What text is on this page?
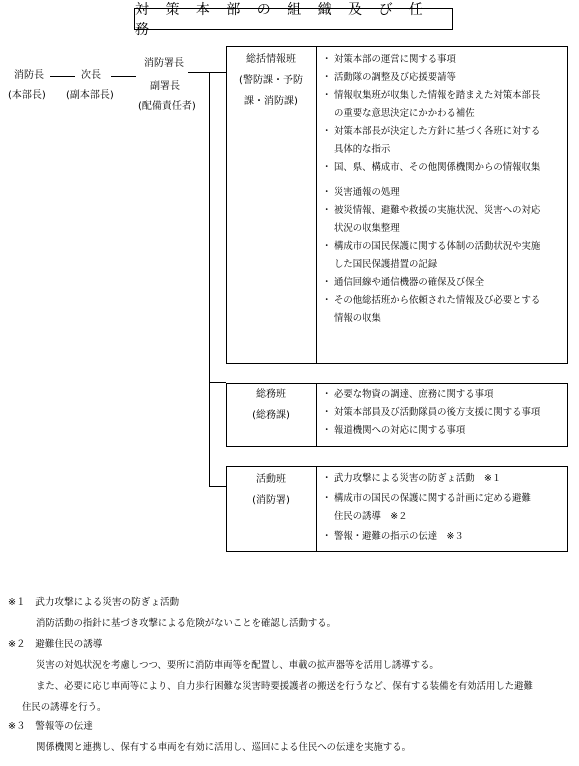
対 策 本 部 の 組 織 及 び 任 務
消防長
(本部長)
次長
(副本部長)
消防署長
副署長
(配備責任者)
総括情報班
(警防課・予防
課・消防課)
・ 対策本部の運営に関する事項
・ 活動隊の調整及び応援要請等
・ 情報収集班が収集した情報を踏まえた対策本部長
の重要な意思決定にかかわる補佐
・ 対策本部長が決定した方針に基づく各班に対する
具体的な指示
・ 国、県、構成市、その他関係機関からの情報収集
・ 災害通報の処理
・ 被災情報、避難や救援の実施状況、災害への対応
状況の収集整理
・ 構成市の国民保護に関する体制の活動状況や実施
した国民保護措置の記録
・ 通信回線や通信機器の確保及び保全
・ その他総括班から依頼された情報及び必要とする
情報の収集
総務班
(総務課)
・ 必要な物資の調達、庶務に関する事項
・ 対策本部員及び活動隊員の後方支援に関する事項
・ 報道機関への対応に関する事項
活動班
(消防署)
・ 武力攻撃による災害の防ぎょ活動　※１
・ 構成市の国民の保護に関する計画に定める避難
住民の誘導　※２
・ 警報・避難の指示の伝達　※３
※１　 武力攻撃による災害の防ぎょ活動
消防活動の指針に基づき攻撃による危険がないことを確認し活動する。
※２　 避難住民の誘導
災害の対処状況を考慮しつつ、要所に消防車両等を配置し、車載の拡声器等を活用し誘導する。
また、必要に応じ車両等により、自力歩行困難な災害時要援護者の搬送を行うなど、保有する装備を有効活用した避難
住民の誘導を行う。
※３　 警報等の伝達
関係機関と連携し、保有する車両を有効に活用し、巡回による住民への伝達を実施する。
